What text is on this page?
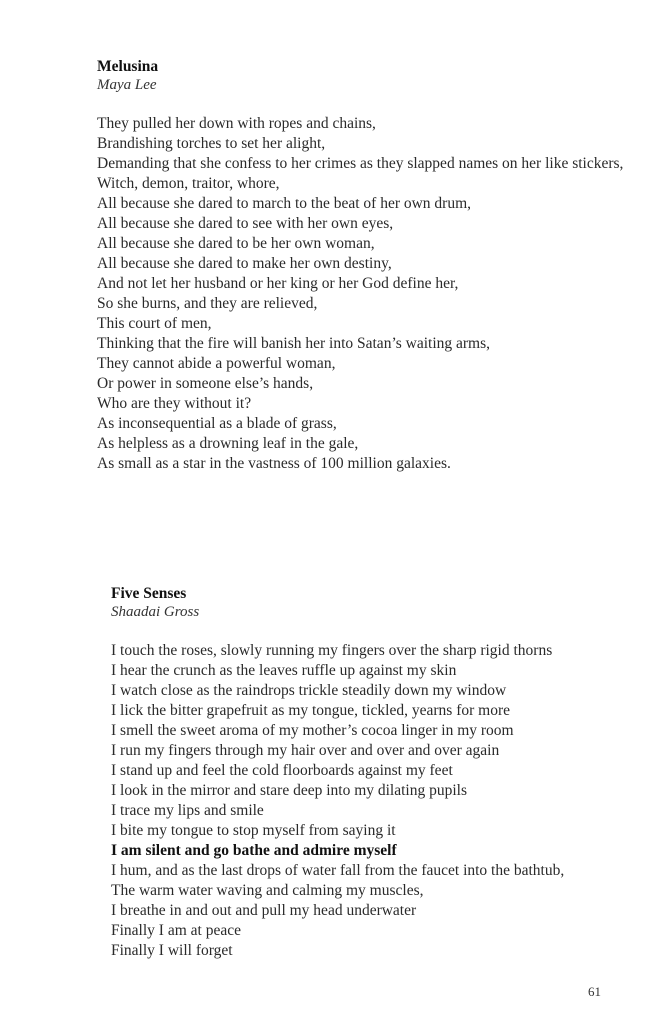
Melusina
Maya Lee
They pulled her down with ropes and chains,
Brandishing torches to set her alight,
Demanding that she confess to her crimes as they slapped names on her like stickers,
Witch, demon, traitor, whore,
All because she dared to march to the beat of her own drum,
All because she dared to see with her own eyes,
All because she dared to be her own woman,
All because she dared to make her own destiny,
And not let her husband or her king or her God define her,
So she burns, and they are relieved,
This court of men,
Thinking that the fire will banish her into Satan’s waiting arms,
They cannot abide a powerful woman,
Or power in someone else’s hands,
Who are they without it?
As inconsequential as a blade of grass,
As helpless as a drowning leaf in the gale,
As small as a star in the vastness of 100 million galaxies.
Five Senses
Shaadai Gross
I touch the roses, slowly running my fingers over the sharp rigid thorns
I hear the crunch as the leaves ruffle up against my skin
I watch close as the raindrops trickle steadily down my window
I lick the bitter grapefruit as my tongue, tickled, yearns for more
I smell the sweet aroma of my mother’s cocoa linger in my room
I run my fingers through my hair over and over and over again
I stand up and feel the cold floorboards against my feet
I look in the mirror and stare deep into my dilating pupils
I trace my lips and smile
I bite my tongue to stop myself from saying it
I am silent and go bathe and admire myself
I hum, and as the last drops of water fall from the faucet into the bathtub,
The warm water waving and calming my muscles,
I breathe in and out and pull my head underwater
Finally I am at peace
Finally I will forget
61
